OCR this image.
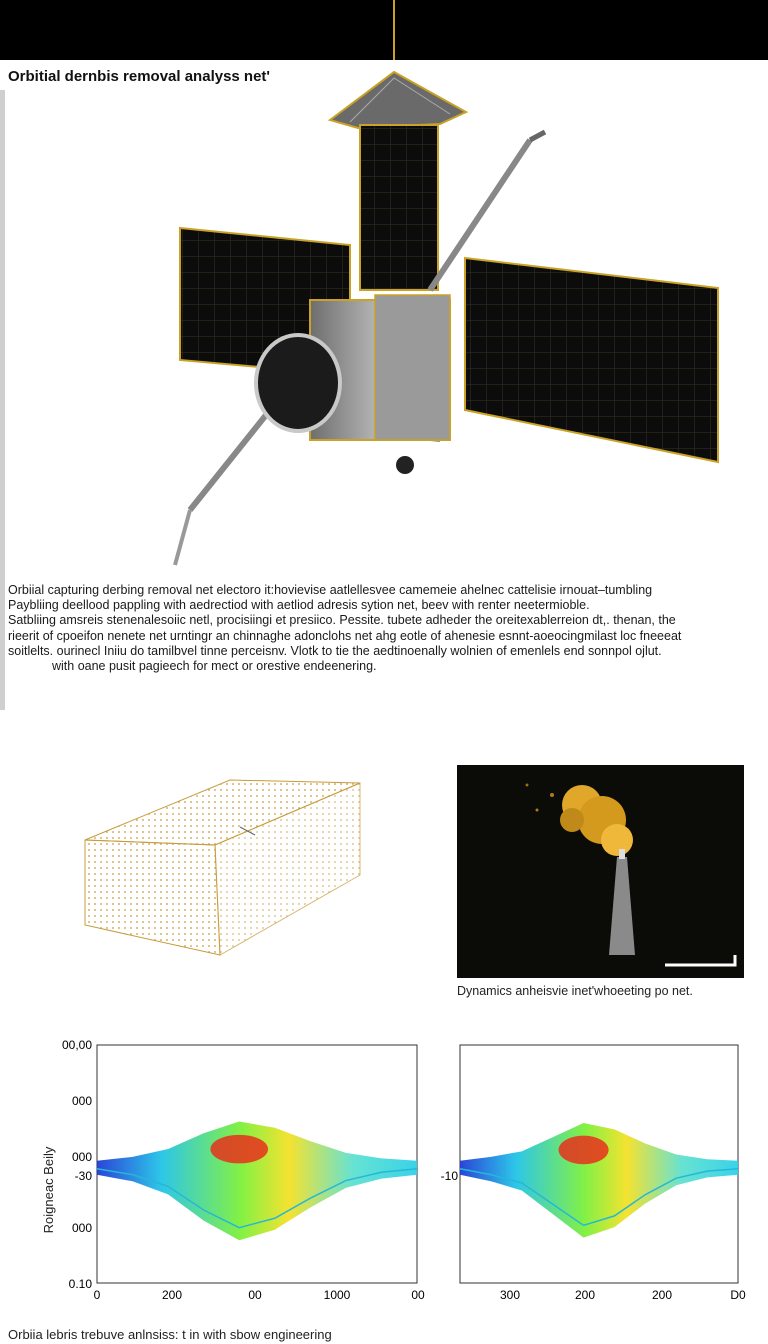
Orbitial dernbis removal analyss net'

Orbiial capturing derbing removal net electoro it:hovievise aatlellesvee camemeie ahelnec cattelisie irnouat–tumbling

Paybliing deellood pappling with aedrectiod with aetliod adresis sytion net, beev with renter neetermioble.

Satbliing amsreis stenenalesoiic netl, procisiingi et presiico. Pessite. tubete adheder the oreitexablerreion dt,. thenan, the

rieerit of cpoeifon nenete net urntingr an chinnaghe adonclohs net ahg eotle of ahenesie esnnt-aoeocingmilast loc fneeeat

soitlelts. ourinecl Iniiu do tamilbvel tinne perceisnv. Vlotk to tie the aedtinoenally wolnien of emenlels end sonnpol ojlut.

with oane pusit pagieech for mect or orestive endeenering.

Dynamics anheisvie inet'whoeeting po net.
Roigneac Beily
00,00
000
000
-30
000
0.10
0	200	00	1000	00
-10
300	200	200	D0
Orbiia lebris trebuve anlnsiss: t in with sbow engineering
